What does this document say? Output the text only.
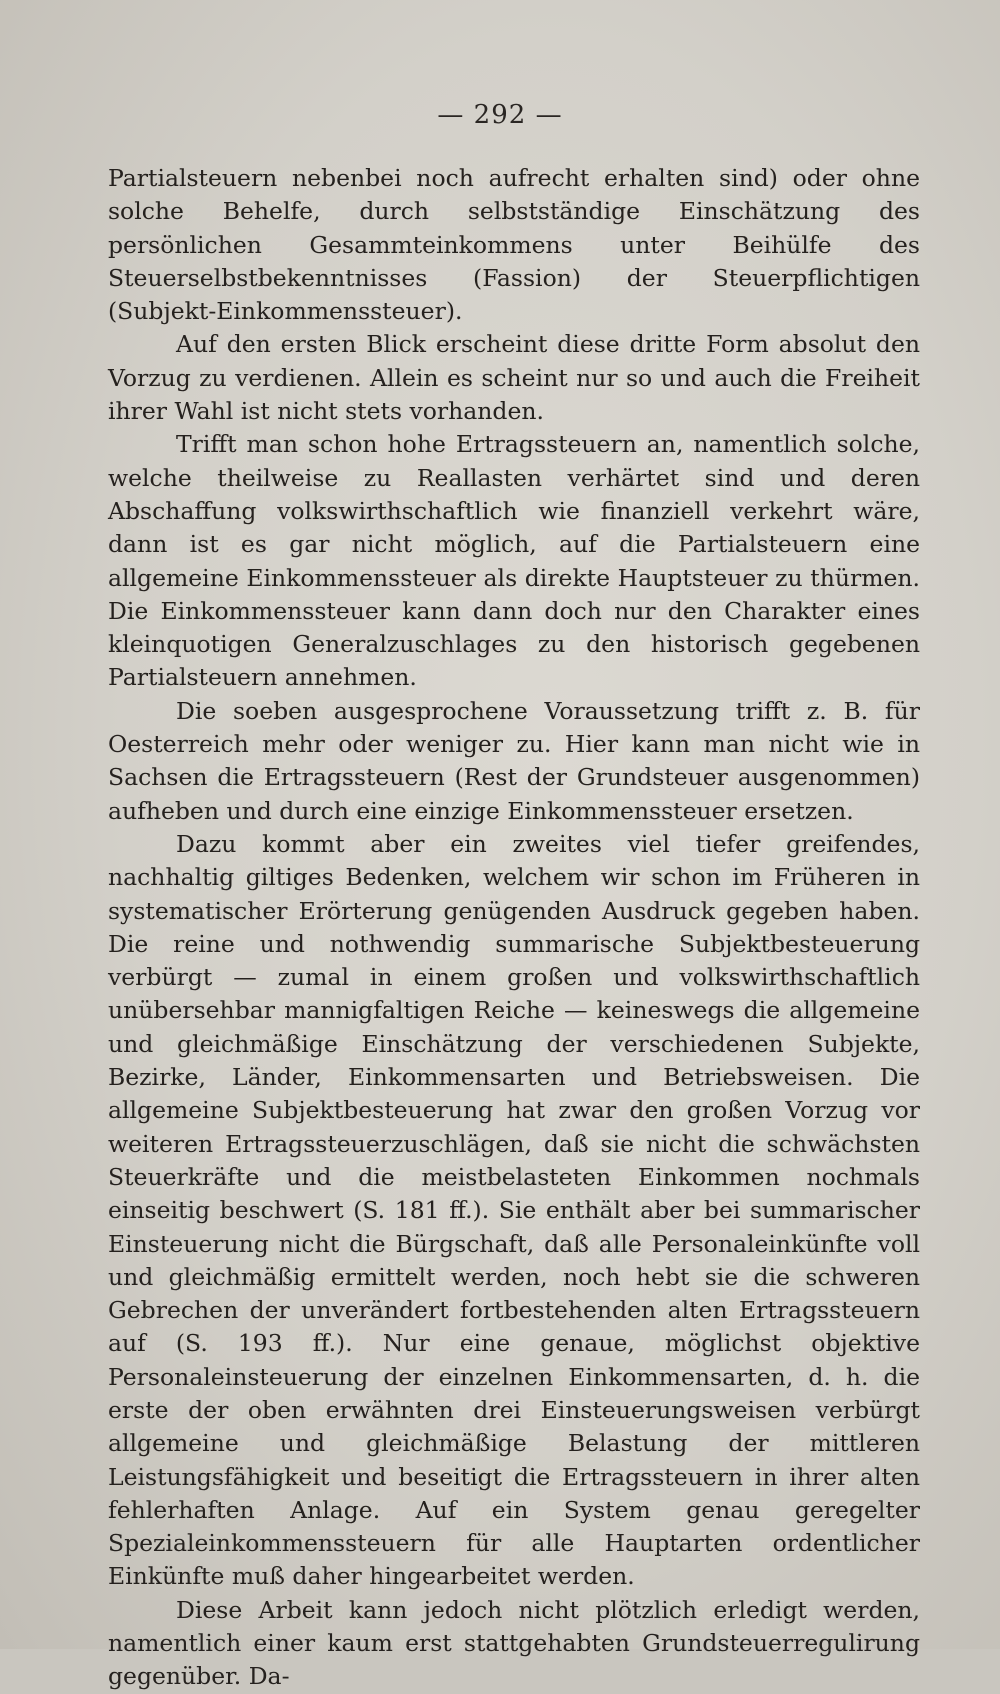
— 292 —

Partialsteuern nebenbei noch aufrecht erhalten sind) oder ohne solche Behelfe, durch selbstständige Einschätzung des persönlichen Gesammteinkommens unter Beihülfe des Steuerselbstbekenntnisses (Fassion) der Steuerpflichtigen (Subjekt-Einkommenssteuer).

Auf den ersten Blick erscheint diese dritte Form absolut den Vorzug zu verdienen. Allein es scheint nur so und auch die Freiheit ihrer Wahl ist nicht stets vorhanden.

Trifft man schon hohe Ertragssteuern an, namentlich solche, welche theilweise zu Reallasten verhärtet sind und deren Abschaffung volkswirthschaftlich wie finanziell verkehrt wäre, dann ist es gar nicht möglich, auf die Partialsteuern eine allgemeine Einkommenssteuer als direkte Hauptsteuer zu thürmen. Die Einkommenssteuer kann dann doch nur den Charakter eines kleinquotigen Generalzuschlages zu den historisch gegebenen Partialsteuern annehmen.

Die soeben ausgesprochene Voraussetzung trifft z. B. für Oesterreich mehr oder weniger zu. Hier kann man nicht wie in Sachsen die Ertragssteuern (Rest der Grundsteuer ausgenommen) aufheben und durch eine einzige Einkommenssteuer ersetzen.

Dazu kommt aber ein zweites viel tiefer greifendes, nachhaltig giltiges Bedenken, welchem wir schon im Früheren in systematischer Erörterung genügenden Ausdruck gegeben haben. Die reine und nothwendig summarische Subjektbesteuerung verbürgt — zumal in einem großen und volkswirthschaftlich unübersehbar mannigfaltigen Reiche — keineswegs die allgemeine und gleichmäßige Einschätzung der verschiedenen Subjekte, Bezirke, Länder, Einkommensarten und Betriebsweisen. Die allgemeine Subjektbesteuerung hat zwar den großen Vorzug vor weiteren Ertragssteuerzuschlägen, daß sie nicht die schwächsten Steuerkräfte und die meistbelasteten Einkommen nochmals einseitig beschwert (S. 181 ff.). Sie enthält aber bei summarischer Einsteuerung nicht die Bürgschaft, daß alle Personaleinkünfte voll und gleichmäßig ermittelt werden, noch hebt sie die schweren Gebrechen der unverändert fortbestehenden alten Ertragssteuern auf (S. 193 ff.). Nur eine genaue, möglichst objektive Personaleinsteuerung der einzelnen Einkommensarten, d. h. die erste der oben erwähnten drei Einsteuerungsweisen verbürgt allgemeine und gleichmäßige Belastung der mittleren Leistungsfähigkeit und beseitigt die Ertragssteuern in ihrer alten fehlerhaften Anlage. Auf ein System genau geregelter Spezialeinkommenssteuern für alle Hauptarten ordentlicher Einkünfte muß daher hingearbeitet werden.

Diese Arbeit kann jedoch nicht plötzlich erledigt werden, namentlich einer kaum erst stattgehabten Grundsteuerregulirung gegenüber. Da-
